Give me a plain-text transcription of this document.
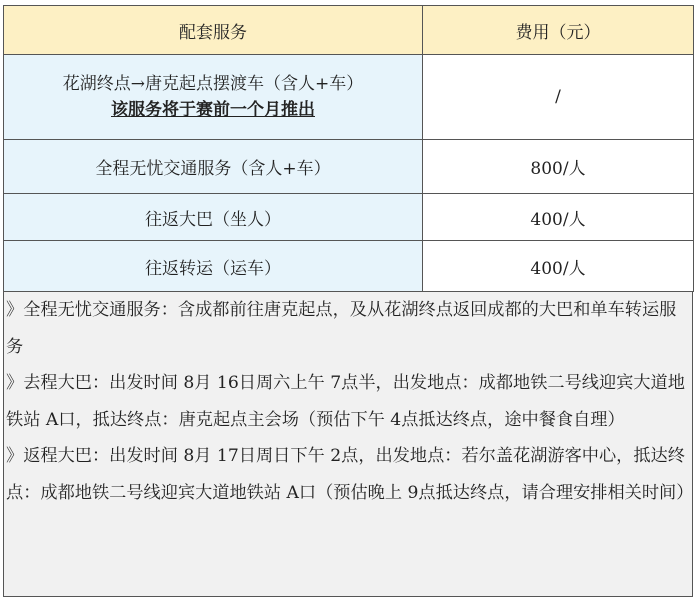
配套服务	费用（元）

花湖终点→唐克起点摆渡车（含人+车）
该服务将于赛前一个月推出	/
全程无忧交通服务（含人+车）	800/人
往返大巴（坐人）	400/人
往返转运（运车）	400/人

》全程无忧交通服务：含成都前往唐克起点，及从花湖终点返回成都的大巴和单车转运服务

》去程大巴：出发时间 8月 16日周六上午 7点半，出发地点：成都地铁二号线迎宾大道地铁站 A口，抵达终点：唐克起点主会场（预估下午 4点抵达终点，途中餐食自理）

》返程大巴：出发时间 8月 17日周日下午 2点，出发地点：若尔盖花湖游客中心，抵达终点：成都地铁二号线迎宾大道地铁站 A口（预估晚上 9点抵达终点，请合理安排相关时间）
